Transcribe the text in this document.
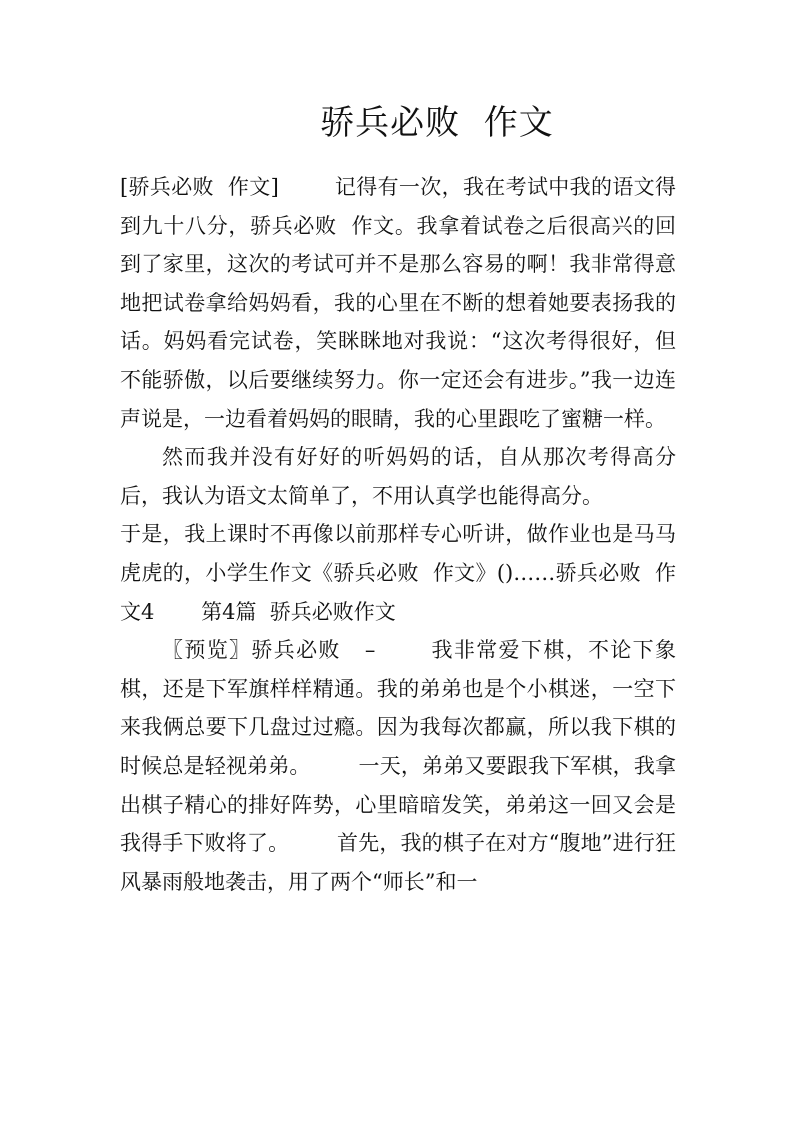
骄兵必败  作文

[骄兵必败  作文]        记得有一次，我在考试中我的语文得到九十八分，骄兵必败  作文。我拿着试卷之后很高兴的回到了家里，这次的考试可并不是那么容易的啊！我非常得意地把试卷拿给妈妈看，我的心里在不断的想着她要表扬我的话。妈妈看完试卷，笑眯眯地对我说：“这次考得很好，但不能骄傲，以后要继续努力。你一定还会有进步。”我一边连声说是，一边看着妈妈的眼睛，我的心里跟吃了蜜糖一样。

然而我并没有好好的听妈妈的话，自从那次考得高分后，我认为语文太简单了，不用认真学也能得高分。

于是，我上课时不再像以前那样专心听讲，做作业也是马马虎虎的，小学生作文《骄兵必败  作文》()……骄兵必败  作文4       第4篇  骄兵必败作文

〖预览〗骄兵必败   –       我非常爱下棋，不论下象棋，还是下军旗样样精通。我的弟弟也是个小棋迷，一空下来我俩总要下几盘过过瘾。因为我每次都赢，所以我下棋的时候总是轻视弟弟。       一天，弟弟又要跟我下军棋，我拿出棋子精心的排好阵势，心里暗暗发笑，弟弟这一回又会是我得手下败将了。       首先，我的棋子在对方“腹地”进行狂风暴雨般地袭击，用了两个“师长”和一
